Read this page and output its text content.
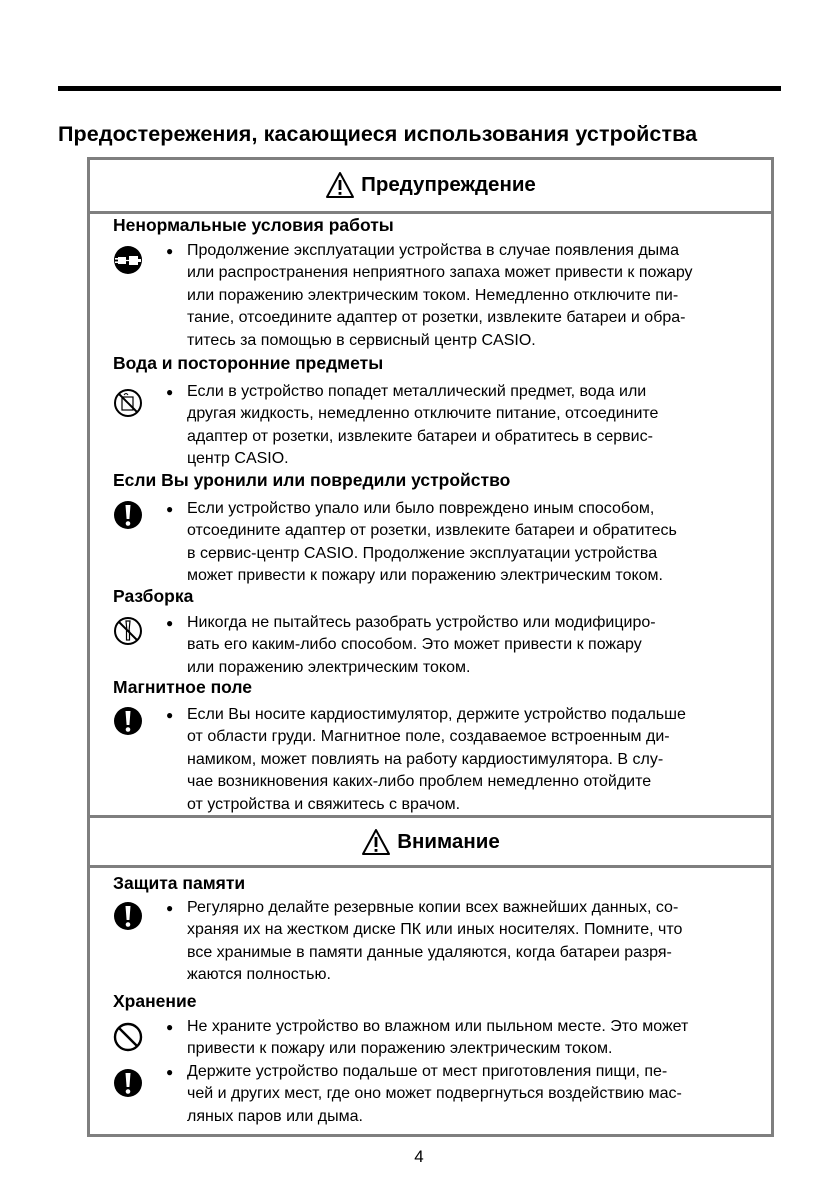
Предостережения, касающиеся использования устройства
Предупреждение
Ненормальные условия работы
● Продолжение эксплуатации устройства в случае появления дыма
или распространения неприятного запаха может привести к пожару
или поражению электрическим током. Немедленно отключите пи-
тание, отсоедините адаптер от розетки, извлеките батареи и обра-
титесь за помощью в сервисный центр CASIO.
Вода и посторонние предметы
● Если в устройство попадет металлический предмет, вода или
другая жидкость, немедленно отключите питание, отсоедините
адаптер от розетки, извлеките батареи и обратитесь в сервис-
центр CASIO.
Если Вы уронили или повредили устройство
● Если устройство упало или было повреждено иным способом,
отсоедините адаптер от розетки, извлеките батареи и обратитесь
в сервис-центр CASIO. Продолжение эксплуатации устройства
может привести к пожару или поражению электрическим током.
Разборка
● Никогда не пытайтесь разобрать устройство или модифициро-
вать его каким-либо способом. Это может привести к пожару
или поражению электрическим током.
Магнитное поле
● Если Вы носите кардиостимулятор, держите устройство подальше
от области груди. Магнитное поле, создаваемое встроенным ди-
намиком, может повлиять на работу кардиостимулятора. В слу-
чае возникновения каких-либо проблем немедленно отойдите
от устройства и свяжитесь с врачом.
Внимание
Защита памяти
● Регулярно делайте резервные копии всех важнейших данных, со-
храняя их на жестком диске ПК или иных носителях. Помните, что
все хранимые в памяти данные удаляются, когда батареи разря-
жаются полностью.
Хранение
● Не храните устройство во влажном или пыльном месте. Это может
привести к пожару или поражению электрическим током.
● Держите устройство подальше от мест приготовления пищи, пе-
чей и других мест, где оно может подвергнуться воздействию мас-
ляных паров или дыма.
4
